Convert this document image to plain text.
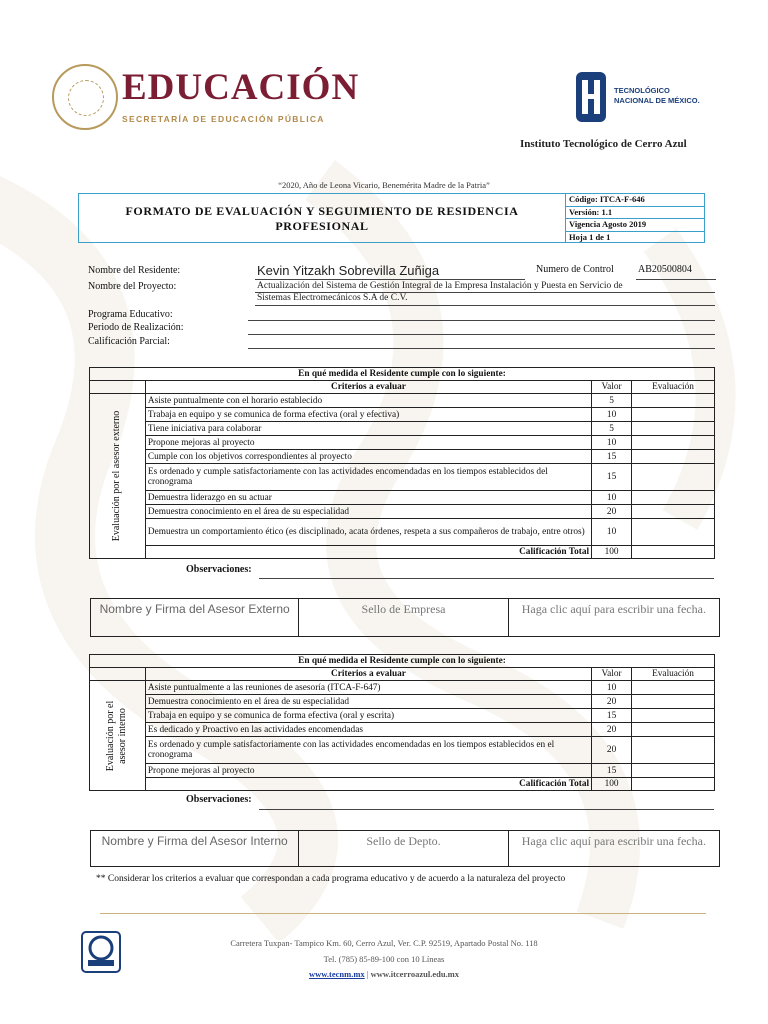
EDUCACIÓN
SECRETARÍA DE EDUCACIÓN PÚBLICA
TECNOLÓGICO
NACIONAL DE MÉXICO.
Instituto Tecnológico de Cerro Azul
“2020, Año de Leona Vicario, Benemérita Madre de la Patria”
FORMATO DE EVALUACIÓN Y SEGUIMIENTO DE RESIDENCIA
PROFESIONAL
Código: ITCA-F-646
Versión: 1.1
Vigencia Agosto 2019
Hoja 1 de 1
Nombre del Residente:	Kevin Yitzakh Sobrevilla Zuñiga	Numero de Control AB20500804
Nombre del Proyecto:	Actualización del Sistema de Gestión Integral de la Empresa Instalación y Puesta en Servicio de
Sistemas Electromecánicos S.A de C.V.
Programa Educativo:
Periodo de Realización:
Calificación Parcial:
En qué medida el Residente cumple con lo siguiente:			
	Criterios a evaluar	Valor	Evaluación

Evaluación por el asesor externo	Asiste puntualmente con el horario establecido	5	
	Trabaja en equipo y se comunica de forma efectiva (oral y efectiva)	10	
	Tiene iniciativa para colaborar	5	
	Propone mejoras al proyecto	10	
	Cumple con los objetivos correspondientes al proyecto	15	
	Es ordenado y cumple satisfactoriamente con las actividades encomendadas en los tiempos establecidos del cronograma	15	
	Demuestra liderazgo en su actuar	10	
	Demuestra conocimiento en el área de su especialidad	20	
	Demuestra un comportamiento ético (es disciplinado, acata órdenes, respeta a sus compañeros de trabajo, entre otros)	10	
	Calificación Total	100	
Observaciones:
Nombre y Firma del Asesor Externo	Sello de Empresa	Haga clic aquí para escribir una fecha.
En qué medida el Residente cumple con lo siguiente:			
	Criterios a evaluar	Valor	Evaluación

Evaluación por el asesor interno	Asiste puntualmente a las reuniones de asesoría (ITCA-F-647)	10	
	Demuestra conocimiento en el área de su especialidad	20	
	Trabaja en equipo y se comunica de forma efectiva (oral y escrita)	15	
	Es dedicado y Proactivo en las actividades encomendadas	20	
	Es ordenado y cumple satisfactoriamente con las actividades encomendadas en los tiempos establecidos en el cronograma	20	
	Propone mejoras al proyecto	15	
	Calificación Total	100	
Observaciones:
Nombre y Firma del Asesor Interno	Sello de Depto.	Haga clic aquí para escribir una fecha.
** Considerar los criterios a evaluar que correspondan a cada programa educativo y de acuerdo a la naturaleza del proyecto
Carretera Tuxpan- Tampico Km. 60, Cerro Azul, Ver. C.P. 92519, Apartado Postal No. 118
Tel. (785) 85-89-100 con 10 Líneas
www.tecnm.mx | www.itcerroazul.edu.mx
